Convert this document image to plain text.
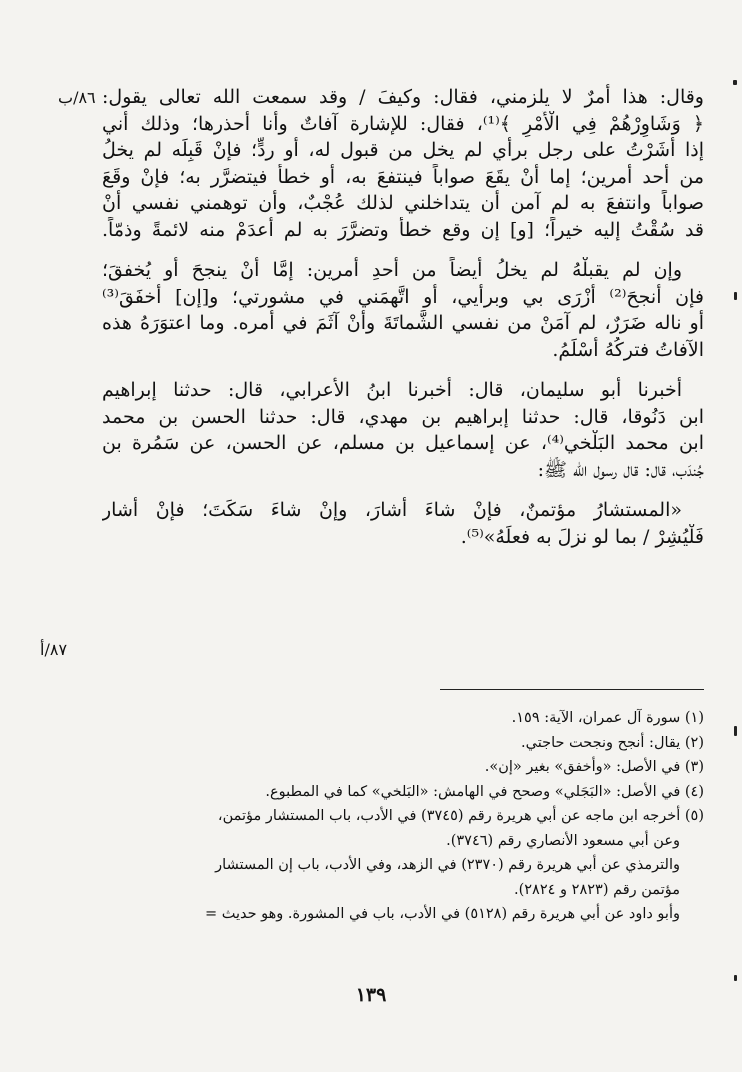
٨٦/ب
٨٧/أ
وقال: هذا أمرٌ لا يلزمني، فقال: وكيفَ / وقد سمعت الله تعالى يقول:
﴿ وَشَاوِرْهُمْ فِي الْأَمْرِ ﴾⁽¹⁾، فقال: للإشارة آفاتٌ وأنا أحذرها؛ وذلك أني
إذا أشَرْتُ على رجل برأي لم يخل من قبول له، أو ردٍّ؛ فإنْ قَبِلَه لم يخلُ
من أحد أمرين؛ إما أنْ يقَعَ صواباً فينتفعَ به، أو خطأً فيتضرَّر به؛ فإنْ وقَعَ
صواباً وانتفعَ به لم آمن أن يتداخلني لذلك عُجْبٌ، وأن توهمني نفسي أنْ
قد سُقْتُ إليه خيراً؛ [و] إن وقع خطأً وتضرَّرَ به لم أعدَمْ منه لائمةً وذمّاً.
وإن لم يقبلْهُ لم يخلُ أيضاً من أحدِ أمرين: إمَّا أنْ ينجحَ أو يُخفقَ؛
فإن أنجحَ⁽²⁾ أزْرَى بي وبرأيي، أو اتَّهمَني في مشورتي؛ و[إن] أخفَقَ⁽³⁾
أو ناله ضَرَرٌ، لم آمَنْ من نفسي الشَّماتَةَ وأنْ آثَمَ في أمره. وما اعتوَرَهُ هذه
الآفاتُ فتركُهُ أسْلَمُ.
أخبرنا أبو سليمان، قال: أخبرنا ابنُ الأعرابي، قال: حدثنا إبراهيم
ابن دَنُوقا، قال: حدثنا إبراهيم بن مهدي، قال: حدثنا الحسن بن محمد
ابن محمد البَلْخي⁽⁴⁾، عن إسماعيل بن مسلم، عن الحسن، عن سَمُرة بن
جُندَب، قال: قال رسول الله ﷺ:
«المستشارُ مؤتمنٌ، فإنْ شاءَ أشارَ، وإنْ شاءَ سَكَتَ؛ فإنْ أشار
فَلْيُشِرْ / بما لو نزلَ به فعلَهُ»⁽⁵⁾.
(١) سورة آل عمران، الآية: ١٥٩.
(٢) يقال: أنجح ونجحت حاجتي.
(٣) في الأصل: «وأخفق» بغير «إن».
(٤) في الأصل: «البَجَلي» وصحح في الهامش: «البَلخي» كما في المطبوع.
(٥) أخرجه ابن ماجه عن أبي هريرة رقم (٣٧٤٥) في الأدب، باب المستشار مؤتمن،
وعن أبي مسعود الأنصاري رقم (٣٧٤٦).
والترمذي عن أبي هريرة رقم (٢٣٧٠) في الزهد، وفي الأدب، باب إن المستشار
مؤتمن رقم (٢٨٢٣ و ٢٨٢٤).
وأبو داود عن أبي هريرة رقم (٥١٢٨) في الأدب، باب في المشورة. وهو حديث =
١٣٩
